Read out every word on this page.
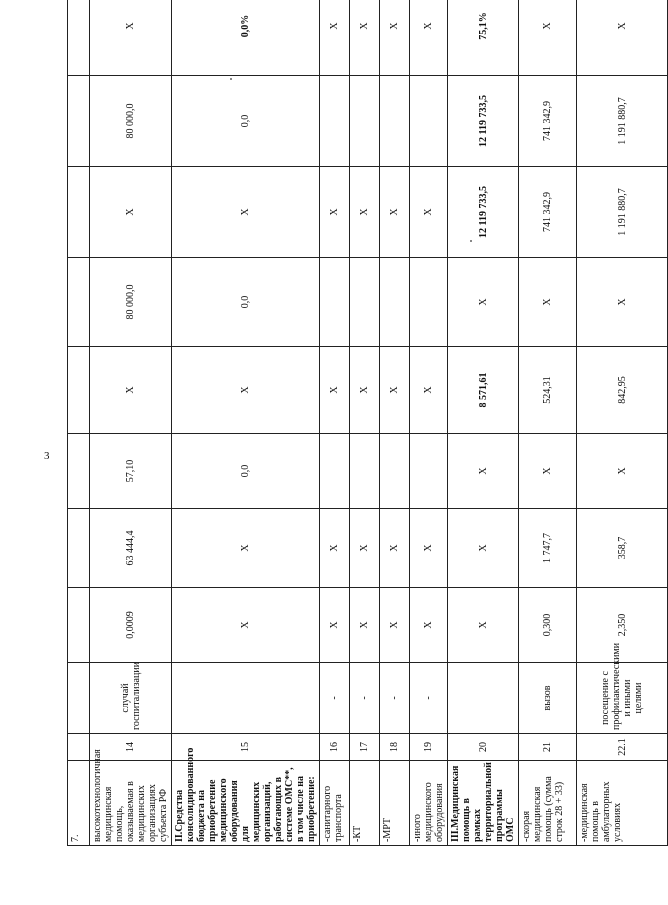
3
7.										
высокотехнологичная медицинская помощь, оказываемая в медицинских организациях субъекта РФ	14	случай госпитализации	0,0009	63 444,4	57,10	Х	80 000,0	Х	80 000,0	Х
II.Средства консолидированного бюджета на приобретение медицинского оборудования для медицинских организаций, работающих в системе ОМС**, в том числе на приобретение:	15		Х	Х	0,0	Х	0,0	Х	0,0	0,0%
-санитарного транспорта	16	-	Х	Х		Х		Х		Х
-КТ	17	-	Х	Х		Х		Х		Х
-МРТ	18	-	Х	Х		Х		Х		Х
-иного медицинского оборудования	19	-	Х	Х		Х		Х		Х
III.Медицинская помощь в рамках территориальной программы ОМС	20		Х	Х	Х	8 571,61	Х	12 119 733,5	12 119 733,5	75,1%
-скорая медицинская помощь (сумма строк 28 + 33)	21	вызов	0,300	1 747,7	Х	524,31	Х	741 342,9	741 342,9	Х
-медицинская помощь в амбулаторных условиях	22.1	посещение с профилактическими и иными целями	2,350	358,7	Х	842,95	Х	1 191 880,7	1 191 880,7	Х
